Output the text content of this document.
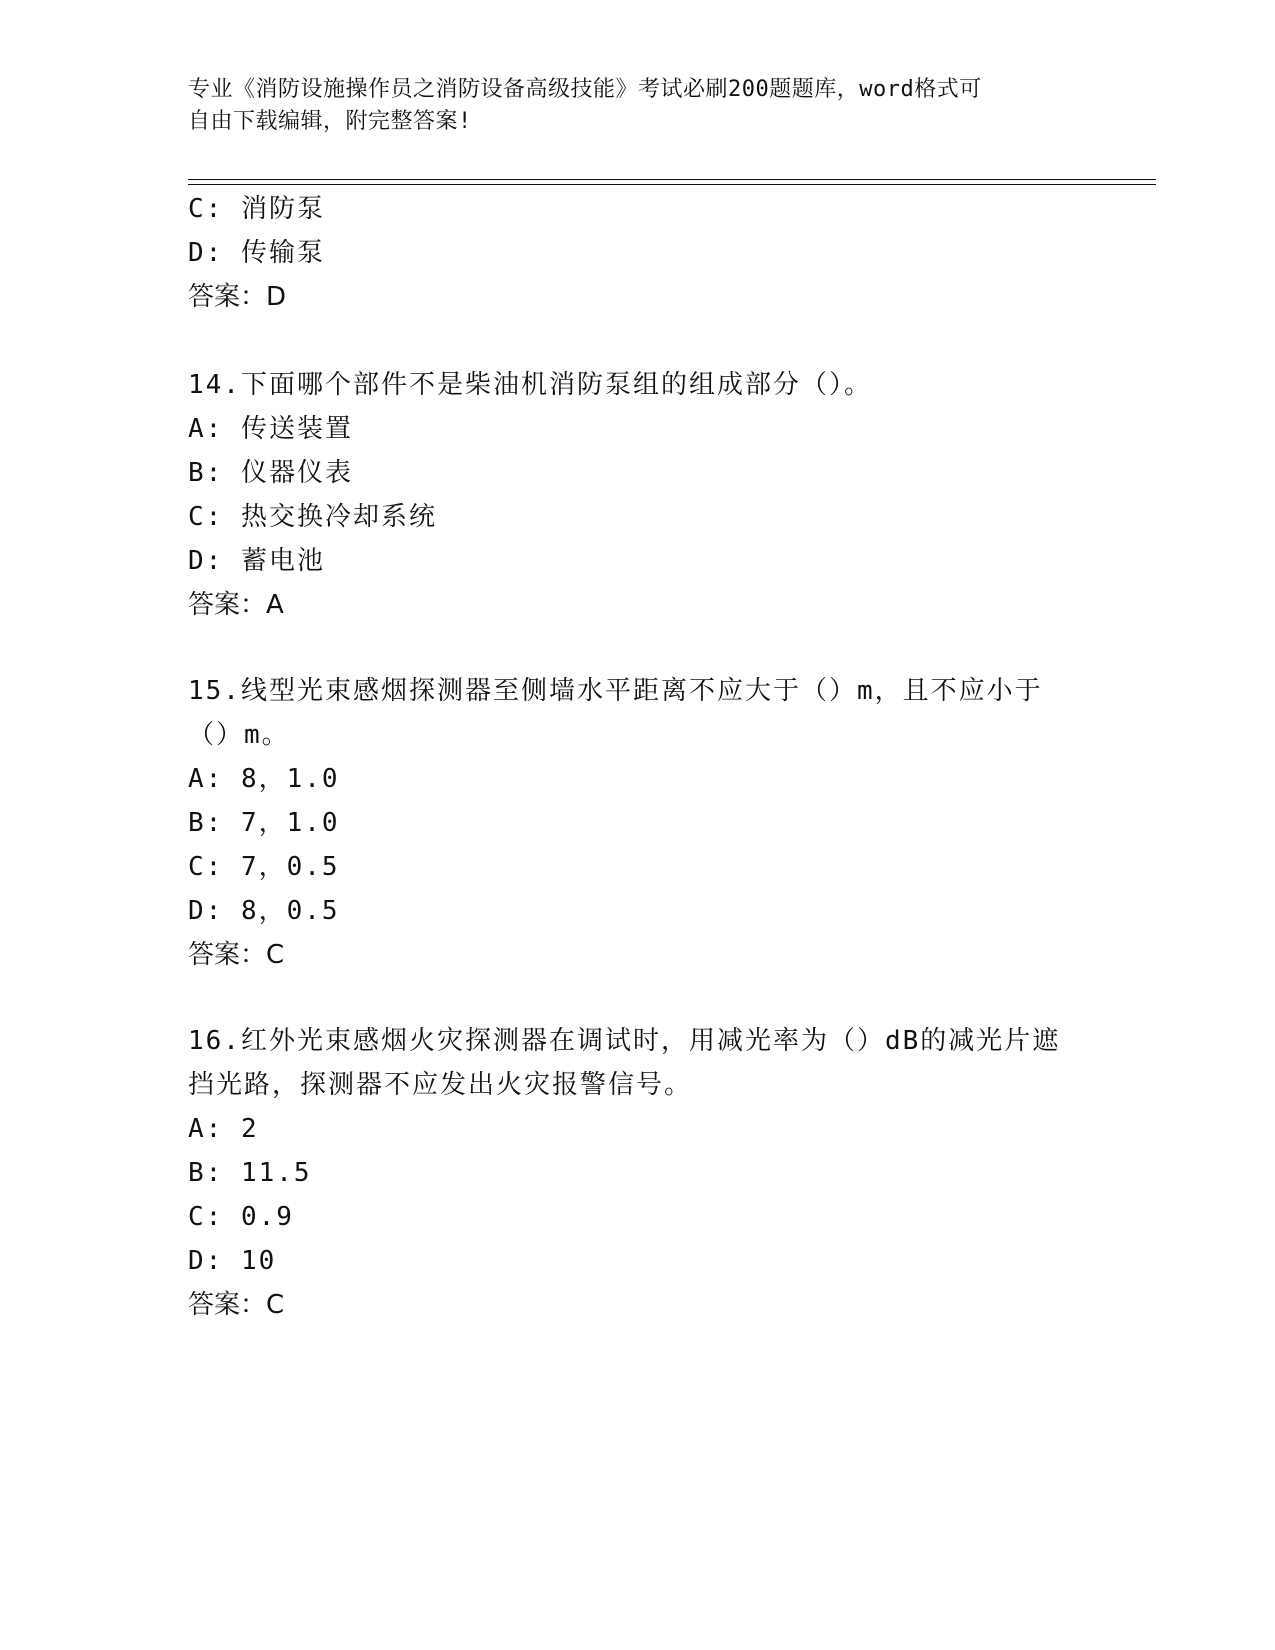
专业《消防设施操作员之消防设备高级技能》考试必刷200题题库，word格式可
自由下载编辑，附完整答案!
C: 消防泵
D: 传输泵
答案：D
14.下面哪个部件不是柴油机消防泵组的组成部分（）。
A: 传送装置
B: 仪器仪表
C: 热交换冷却系统
D: 蓄电池
答案：A
15.线型光束感烟探测器至侧墙水平距离不应大于（）m，且不应小于
（）m。
A: 8，1.0
B: 7，1.0
C: 7，0.5
D: 8，0.5
答案：C
16.红外光束感烟火灾探测器在调试时，用减光率为（）dB的减光片遮
挡光路，探测器不应发出火灾报警信号。
A: 2
B: 11.5
C: 0.9
D: 10
答案：C
